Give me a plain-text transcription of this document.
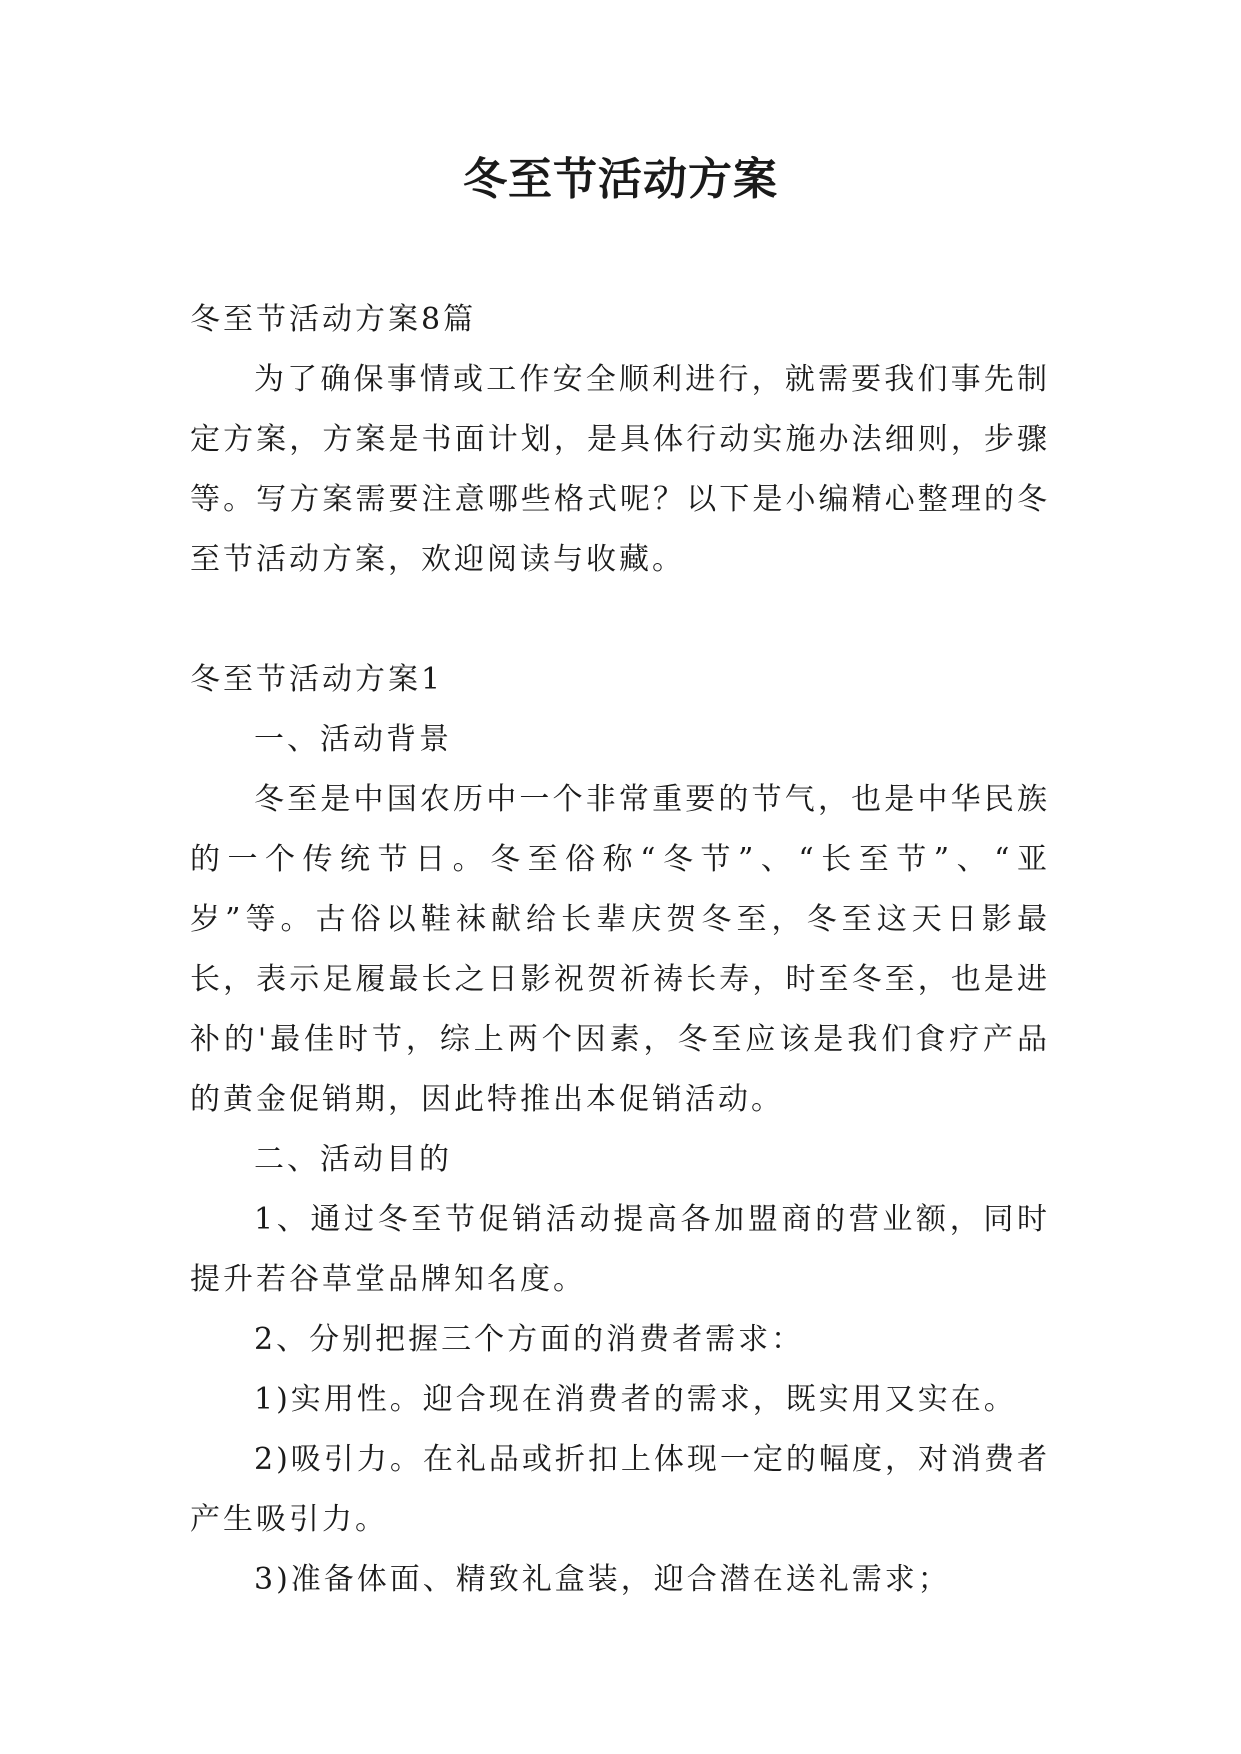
冬至节活动方案

冬至节活动方案8篇

为了确保事情或工作安全顺利进行，就需要我们事先制定方案，方案是书面计划，是具体行动实施办法细则，步骤等。写方案需要注意哪些格式呢？以下是小编精心整理的冬至节活动方案，欢迎阅读与收藏。

冬至节活动方案1

一、活动背景

冬至是中国农历中一个非常重要的节气，也是中华民族的一个传统节日。冬至俗称“冬节”、“长至节”、“亚岁”等。古俗以鞋袜献给长辈庆贺冬至，冬至这天日影最长，表示足履最长之日影祝贺祈祷长寿，时至冬至，也是进补的'最佳时节，综上两个因素，冬至应该是我们食疗产品的黄金促销期，因此特推出本促销活动。

二、活动目的

1、通过冬至节促销活动提高各加盟商的营业额，同时提升若谷草堂品牌知名度。

2、分别把握三个方面的消费者需求：

1)实用性。迎合现在消费者的需求，既实用又实在。

2)吸引力。在礼品或折扣上体现一定的幅度，对消费者产生吸引力。

3)准备体面、精致礼盒装，迎合潜在送礼需求；
